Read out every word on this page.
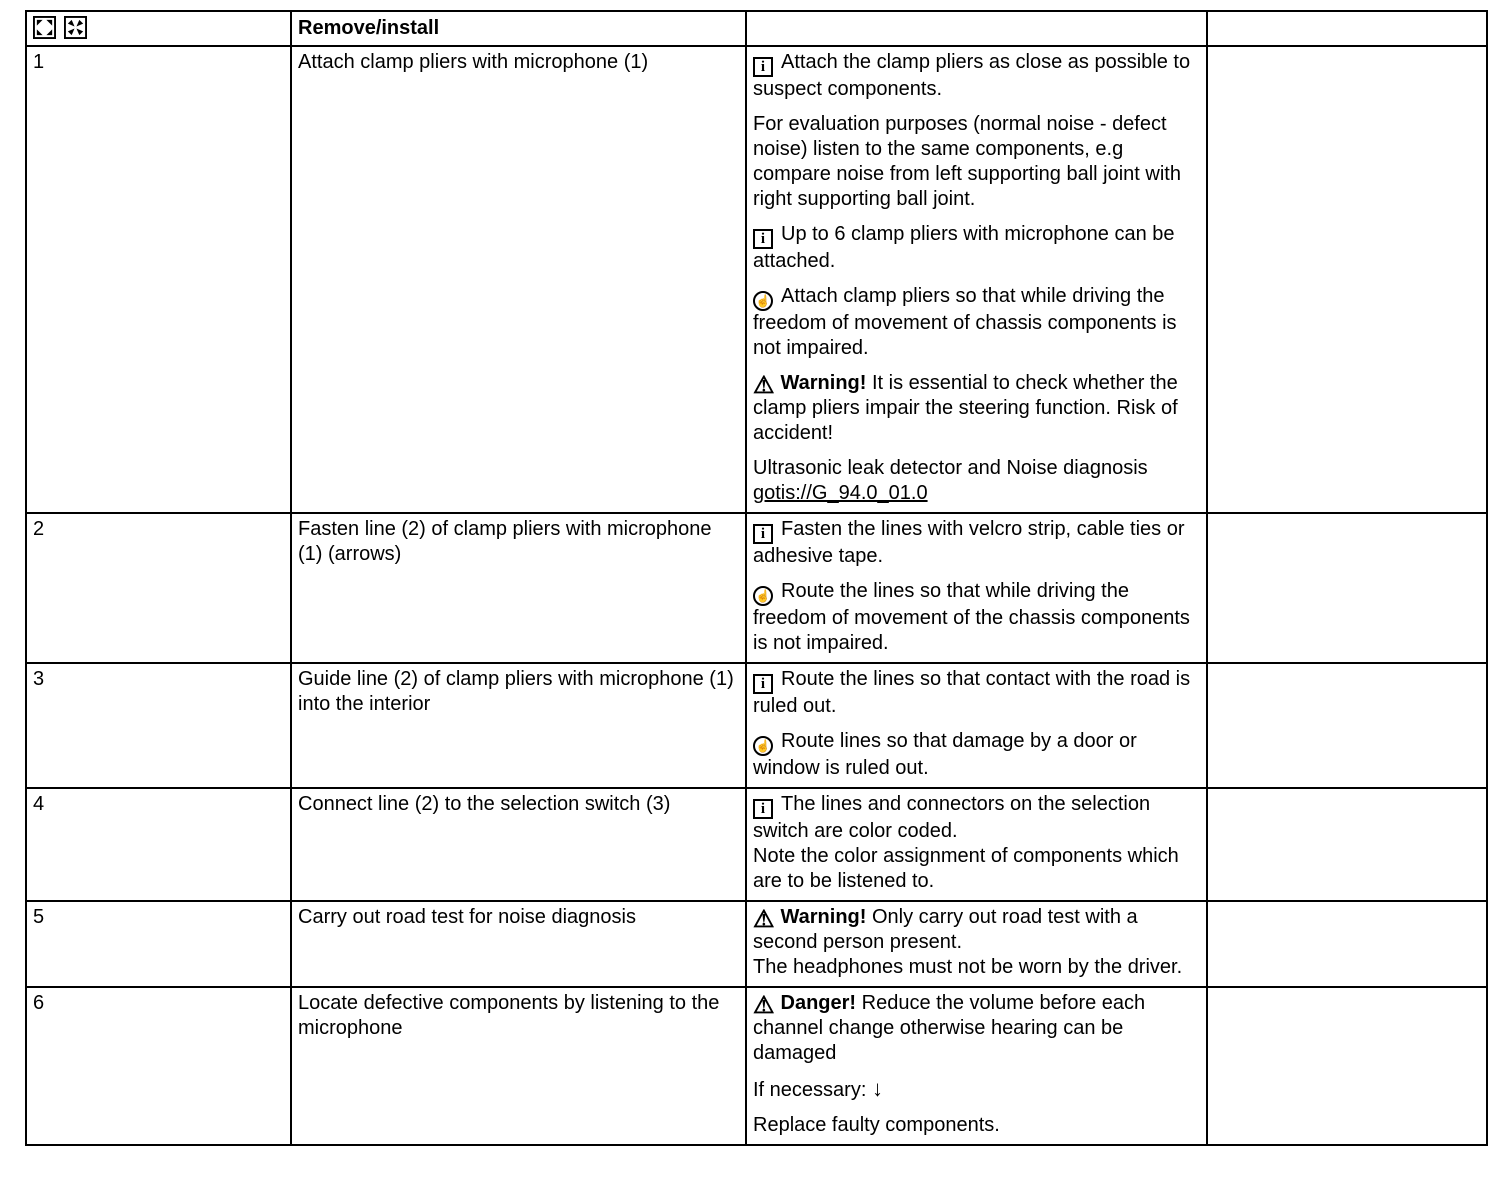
	Remove/install		
1	Attach clamp pliers with microphone (1)	i Attach the clamp pliers as close as possible to suspect components.
For evaluation purposes (normal noise - defect noise) listen to the same components, e.g compare noise from left supporting ball joint with right supporting ball joint.
i Up to 6 clamp pliers with microphone can be attached.
☝ Attach clamp pliers so that while driving the freedom of movement of chassis components is not impaired.
⚠ Warning! It is essential to check whether the clamp pliers impair the steering function. Risk of accident!
Ultrasonic leak detector and Noise diagnosis gotis://G_94.0_01.0

2	Fasten line (2) of clamp pliers with microphone (1) (arrows)	i Fasten the lines with velcro strip, cable ties or adhesive tape.
☝ Route the lines so that while driving the freedom of movement of the chassis components is not impaired.	

3	Guide line (2) of clamp pliers with microphone (1) into the interior	i Route the lines so that contact with the road is ruled out.
☝ Route lines so that damage by a door or window is ruled out.	

4	Connect line (2) to the selection switch (3)	i The lines and connectors on the selection switch are color coded.
Note the color assignment of components which are to be listened to.	

5	Carry out road test for noise diagnosis	⚠ Warning! Only carry out road test with a second person present.
The headphones must not be worn by the driver.	

6	Locate defective components by listening to the microphone	⚠ Danger! Reduce the volume before each channel change otherwise hearing can be damaged
If necessary: ↓
Replace faulty components.	
